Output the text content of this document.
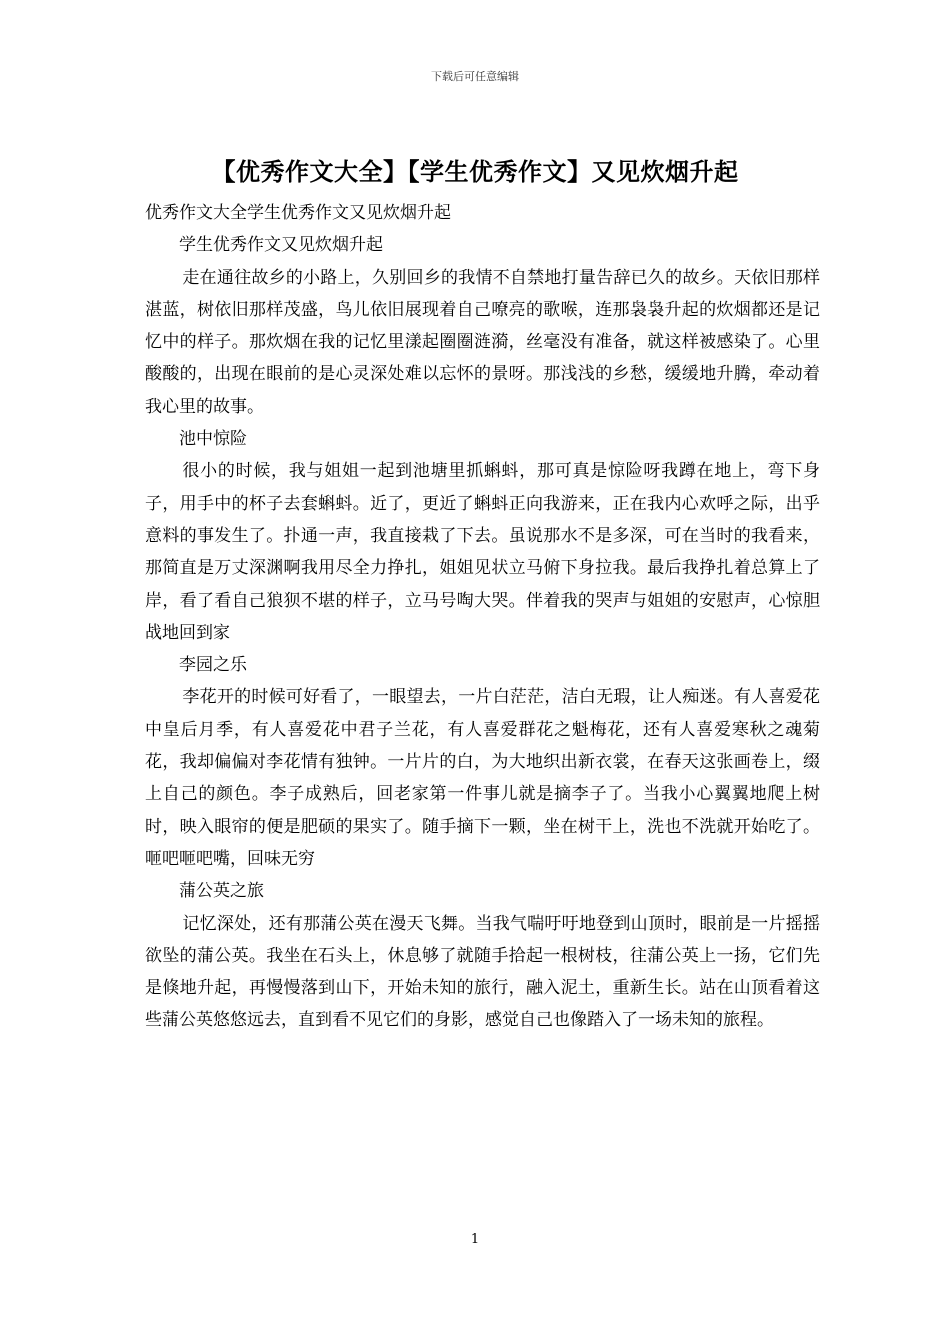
下载后可任意编辑
【优秀作文大全】【学生优秀作文】又见炊烟升起

优秀作文大全学生优秀作文又见炊烟升起

学生优秀作文又见炊烟升起

走在通往故乡的小路上，久别回乡的我情不自禁地打量告辞已久的故乡。天依旧那样湛蓝，树依旧那样茂盛，鸟儿依旧展现着自己嘹亮的歌喉，连那袅袅升起的炊烟都还是记忆中的样子。那炊烟在我的记忆里漾起圈圈涟漪，丝毫没有准备，就这样被感染了。心里酸酸的，出现在眼前的是心灵深处难以忘怀的景呀。那浅浅的乡愁，缓缓地升腾，牵动着我心里的故事。

池中惊险

很小的时候，我与姐姐一起到池塘里抓蝌蚪，那可真是惊险呀我蹲在地上，弯下身子，用手中的杯子去套蝌蚪。近了，更近了蝌蚪正向我游来，正在我内心欢呼之际，出乎意料的事发生了。扑通一声，我直接栽了下去。虽说那水不是多深，可在当时的我看来，那简直是万丈深渊啊我用尽全力挣扎，姐姐见状立马俯下身拉我。最后我挣扎着总算上了岸，看了看自己狼狈不堪的样子，立马号啕大哭。伴着我的哭声与姐姐的安慰声，心惊胆战地回到家

李园之乐

李花开的时候可好看了，一眼望去，一片白茫茫，洁白无瑕，让人痴迷。有人喜爱花中皇后月季，有人喜爱花中君子兰花，有人喜爱群花之魁梅花，还有人喜爱寒秋之魂菊花，我却偏偏对李花情有独钟。一片片的白，为大地织出新衣裳，在春天这张画卷上，缀上自己的颜色。李子成熟后，回老家第一件事儿就是摘李子了。当我小心翼翼地爬上树时，映入眼帘的便是肥硕的果实了。随手摘下一颗，坐在树干上，洗也不洗就开始吃了。咂吧咂吧嘴，回味无穷

蒲公英之旅

记忆深处，还有那蒲公英在漫天飞舞。当我气喘吁吁地登到山顶时，眼前是一片摇摇欲坠的蒲公英。我坐在石头上，休息够了就随手拾起一根树枝，往蒲公英上一扬，它们先是倏地升起，再慢慢落到山下，开始未知的旅行，融入泥土，重新生长。站在山顶看着这些蒲公英悠悠远去，直到看不见它们的身影，感觉自己也像踏入了一场未知的旅程。

1
